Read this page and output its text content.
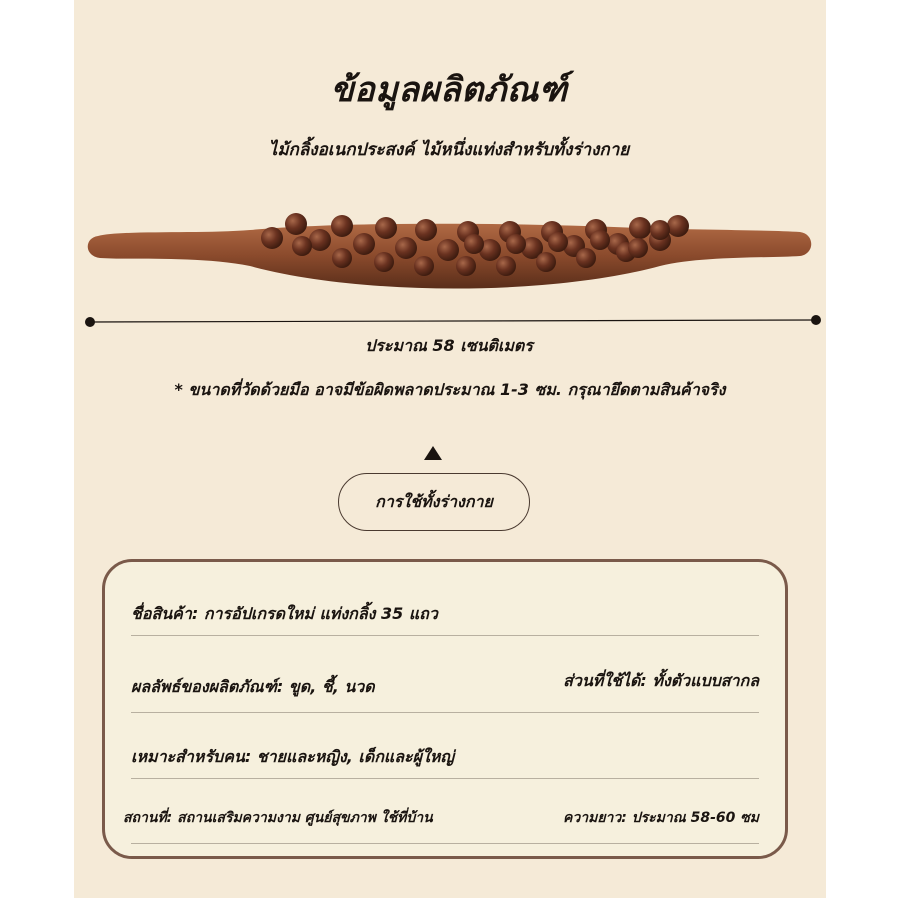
ข้อมูลผลิตภัณฑ์
ไม้กลิ้งอเนกประสงค์ ไม้หนึ่งแท่งสำหรับทั้งร่างกาย
ประมาณ 58 เซนติเมตร
* ขนาดที่วัดด้วยมือ อาจมีข้อผิดพลาดประมาณ 1-3 ซม. กรุณายึดตามสินค้าจริง
การใช้ทั้งร่างกาย
ชื่อสินค้า: การอัปเกรดใหม่ แท่งกลิ้ง 35 แถว
ผลลัพธ์ของผลิตภัณฑ์: ขูด, ชี้, นวด	ส่วนที่ใช้ได้: ทั้งตัวแบบสากล
เหมาะสำหรับคน: ชายและหญิง, เด็กและผู้ใหญ่
สถานที่: สถานเสริมความงาม ศูนย์สุขภาพ ใช้ที่บ้าน	ความยาว: ประมาณ 58-60 ซม
